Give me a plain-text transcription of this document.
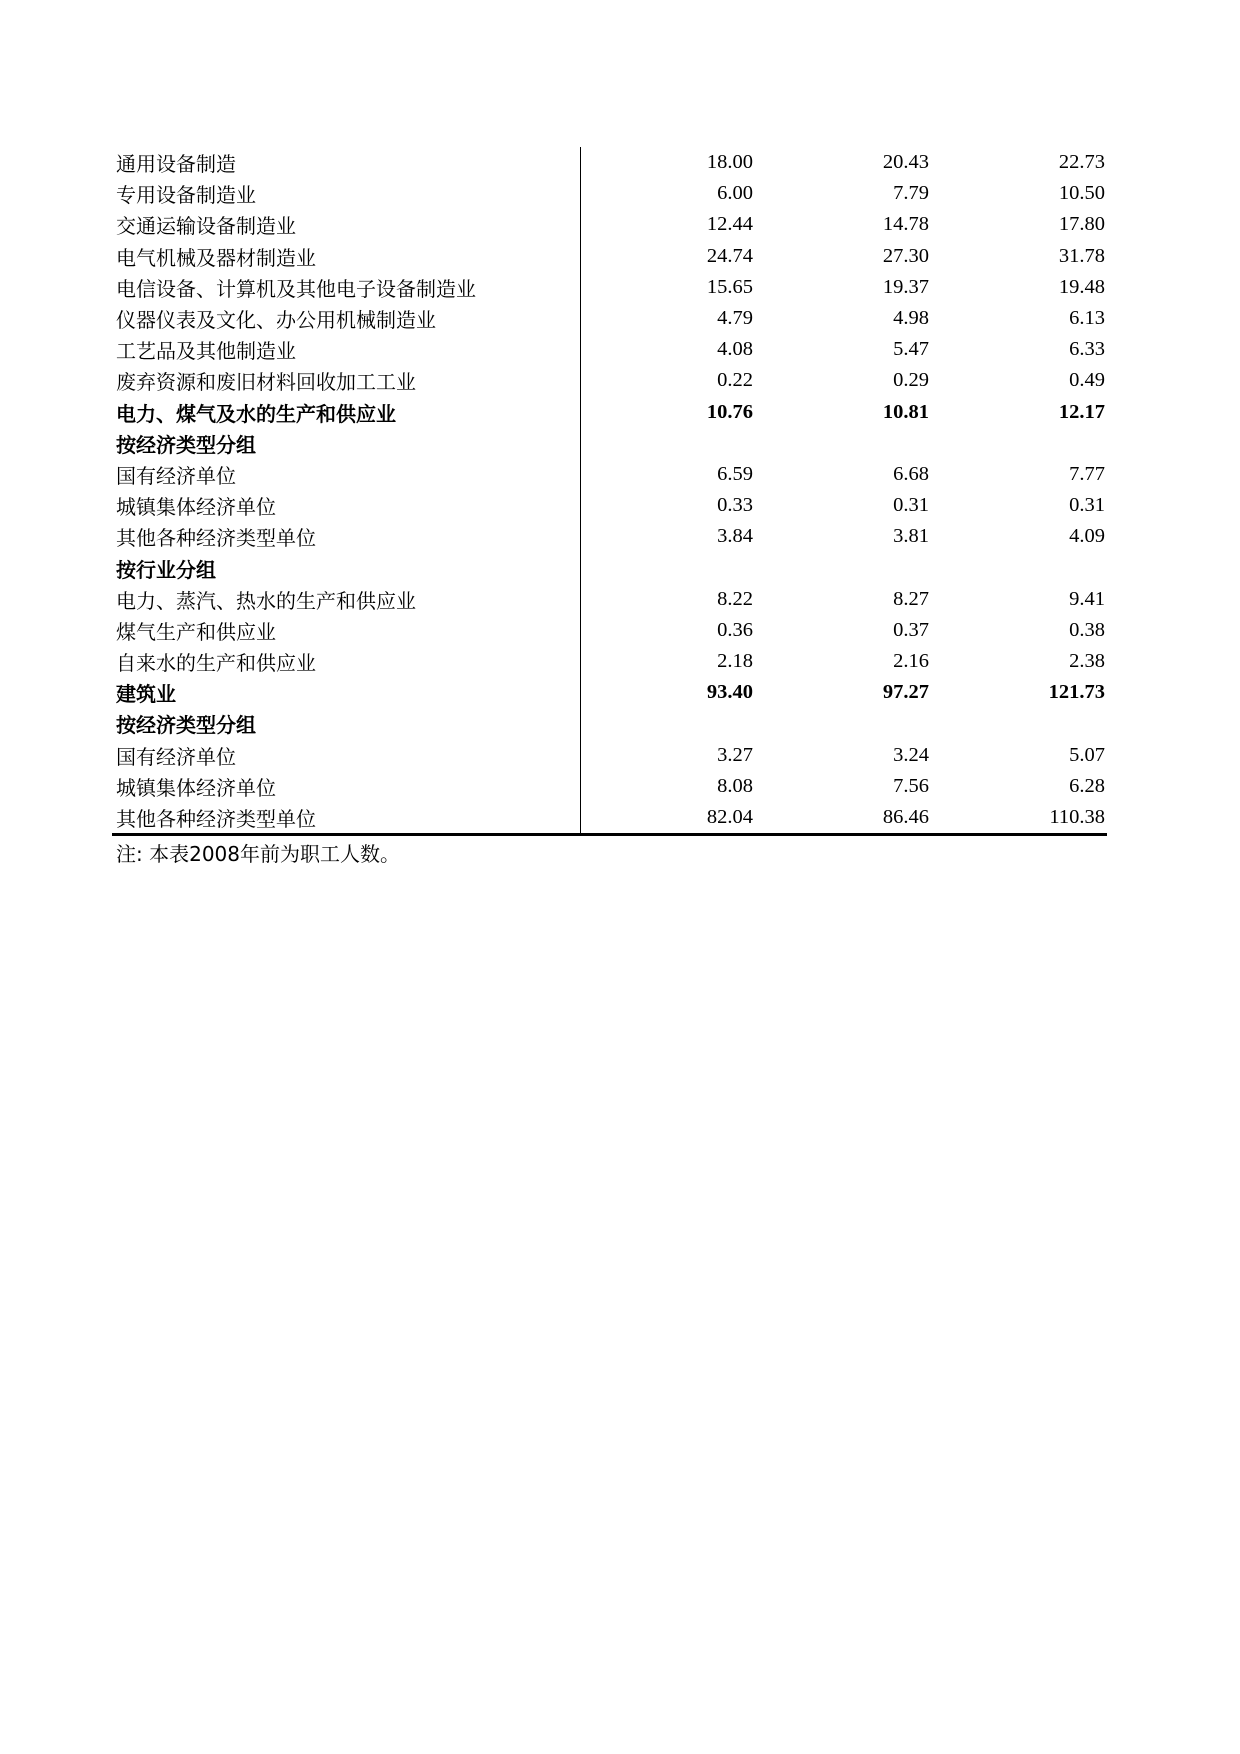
通用设备制造	18.00	20.43	22.73
专用设备制造业	6.00	7.79	10.50
交通运输设备制造业	12.44	14.78	17.80
电气机械及器材制造业	24.74	27.30	31.78
电信设备、计算机及其他电子设备制造业	15.65	19.37	19.48
仪器仪表及文化、办公用机械制造业	4.79	4.98	6.13
工艺品及其他制造业	4.08	5.47	6.33
废弃资源和废旧材料回收加工工业	0.22	0.29	0.49
电力、煤气及水的生产和供应业	10.76	10.81	12.17
按经济类型分组			
国有经济单位	6.59	6.68	7.77
城镇集体经济单位	0.33	0.31	0.31
其他各种经济类型单位	3.84	3.81	4.09
按行业分组			
电力、蒸汽、热水的生产和供应业	8.22	8.27	9.41
煤气生产和供应业	0.36	0.37	0.38
自来水的生产和供应业	2.18	2.16	2.38
建筑业	93.40	97.27	121.73
按经济类型分组			
国有经济单位	3.27	3.24	5.07
城镇集体经济单位	8.08	7.56	6.28
其他各种经济类型单位	82.04	86.46	110.38
注: 本表2008年前为职工人数。
